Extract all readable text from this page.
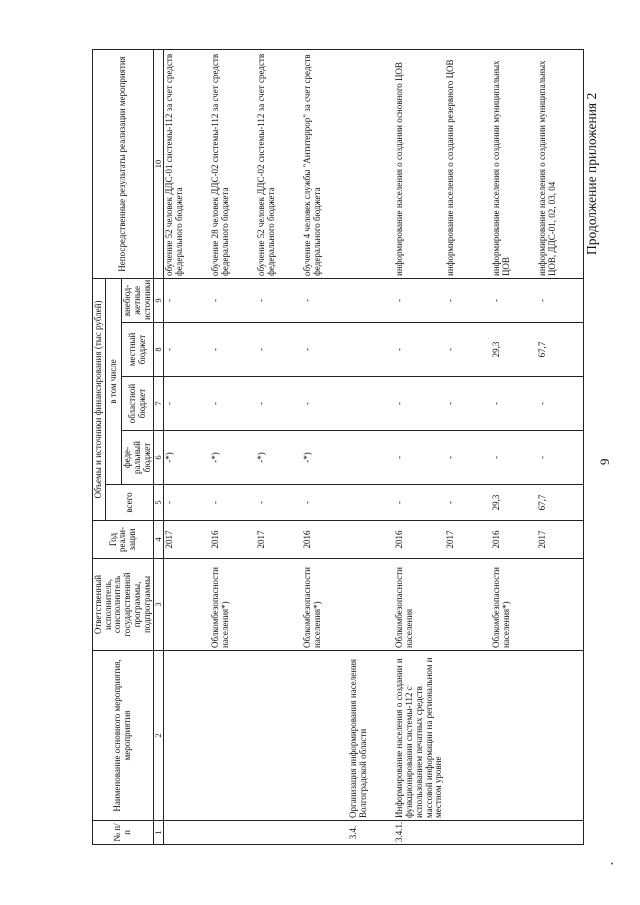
9
Продолжение приложения 2
№ п/п	Наименование основного мероприятия, мероприятия	Ответственный исполнитель, соисполнитель государственной программы, подпрограммы	Год реали-зации	Объемы и источники финансирования (тыс рублей)					Непосредственные результаты реализации мероприятия
				всего	в том числе				
					феде-ральный бюджет	областной бюджет	местный бюджет	внебюд-жетные источники	
1	2	3	4	5	6	7	8	9	10
			2017	-	-*)	-	-	-	обучение 52 человек ДДС-01 системы-112 за счет средств федерального бюджета
		Облкомбезопасности населения*)	2016	-	-*)	-	-	-	обучение 28 человек ДДС-02 системы-112 за счет средств федерального бюджета
			2017	-	-*)	-	-	-	обучение 52 человек ДДС-02 системы-112 за счет средств федерального бюджета
		Облкомбезопасности населения*)	2016	-	-*)	-	-	-	обучение 4 человек службы "Антитеррор" за счет средств федерального бюджета
3.4.	Организация информирования населения Волгоградской области								
3.4.1.	Информирование населения о создании и функционировании системы-112 с использованием печатных средств массовой информации на региональном и местном уровне	Облкомбезопасности населения	2016	-	-	-	-	-	информирование населения о создании основного ЦОВ
			2017	-	-	-	-	-	информирование населения о создании резервного ЦОВ
		Облкомбезопасности населения*)	2016	29,3	-	-	29,3	-	информирование населения о создании муниципальных ЦОВ
			2017	67,7	-	-	67,7	-	информирование населения о создании муниципальных ЦОВ, ДДС-01, 02, 03, 04
•
